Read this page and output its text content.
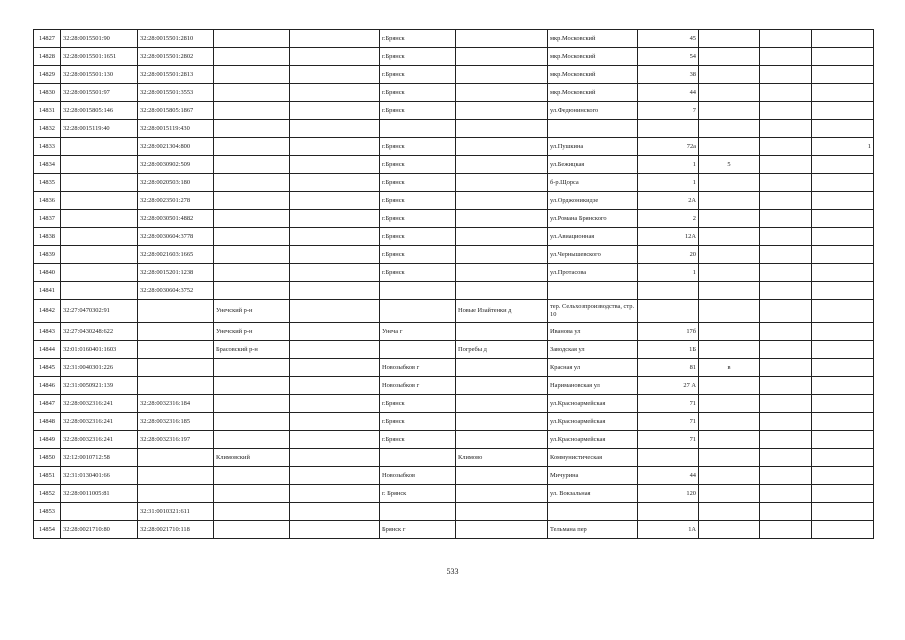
14827	32:28:0015501:90	32:28:0015501:2810			г.Брянск		мкр.Московский	45			
14828	32:28:0015501:1651	32:28:0015501:2802			г.Брянск		мкр.Московский	54			
14829	32:28:0015501:130	32:28:0015501:2813			г.Брянск		мкр.Московский	38			
14830	32:28:0015501:97	32:28:0015501:3553			г.Брянск		мкр.Московский	44			
14831	32:28:0015805:146	32:28:0015805:1867			г.Брянск		ул.Федюнинского	7			
14832	32:28:0015119:40	32:28:0015119:430									
14833		32:28:0021304:800			г.Брянск		ул.Пушкина	72а			1
14834		32:28:0030902:509			г.Брянск		ул.Бежицкая	1	5		
14835		32:28:0020503:180			г.Брянск		б-р.Щорса	1			
14836		32:28:0023501:278			г.Брянск		ул.Орджоникидзе	2А			
14837		32:28:0030501:4882			г.Брянск		ул.Романа Брянского	2			
14838		32:28:0030604:3778			г.Брянск		ул.Авиационная	12А			
14839		32:28:0021603:1665			г.Брянск		ул.Чернышевского	20			
14840		32:28:0015201:1238			г.Брянск		ул.Протасова	1			
14841		32:28:0030604:3752									
14842	32:27:0470302:91		Унечский р-н			Новые Изайтенки д	тер. Сельхозпроизводства, стр. 10				
14843	32:27:0430248:622		Унечский р-н		Унеча г		Иванова ул	17б			
14844	32:01:0160401:1603		Брасовский р-н			Погребы д	Заводская ул	1Б			
14845	32:31:0040301:226				Новозыбков г		Красная ул	81	в		
14846	32:31:0050921:139				Новозыбков г		Наримановская ул	27 А			
14847	32:28:0032316:241	32:28:0032316:184			г.Брянск		ул.Красноармейская	71			
14848	32:28:0032316:241	32:28:0032316:185			г.Брянск		ул.Красноармейская	71			
14849	32:28:0032316:241	32:28:0032316:197			г.Брянск		ул.Красноармейская	71			
14850	32:12:0010712:58		Климовский			Климово	Коммунистическая				
14851	32:31:0130401:66				Новозыбков		Мичурина	44			
14852	32:28:0011005:81				г. Брянск		ул. Вокзальная	120			
14853		32:31:0010321:611									
14854	32:28:0021710:80	32:28:0021710:118			Брянск г		Тельмана пер	1А			
533
